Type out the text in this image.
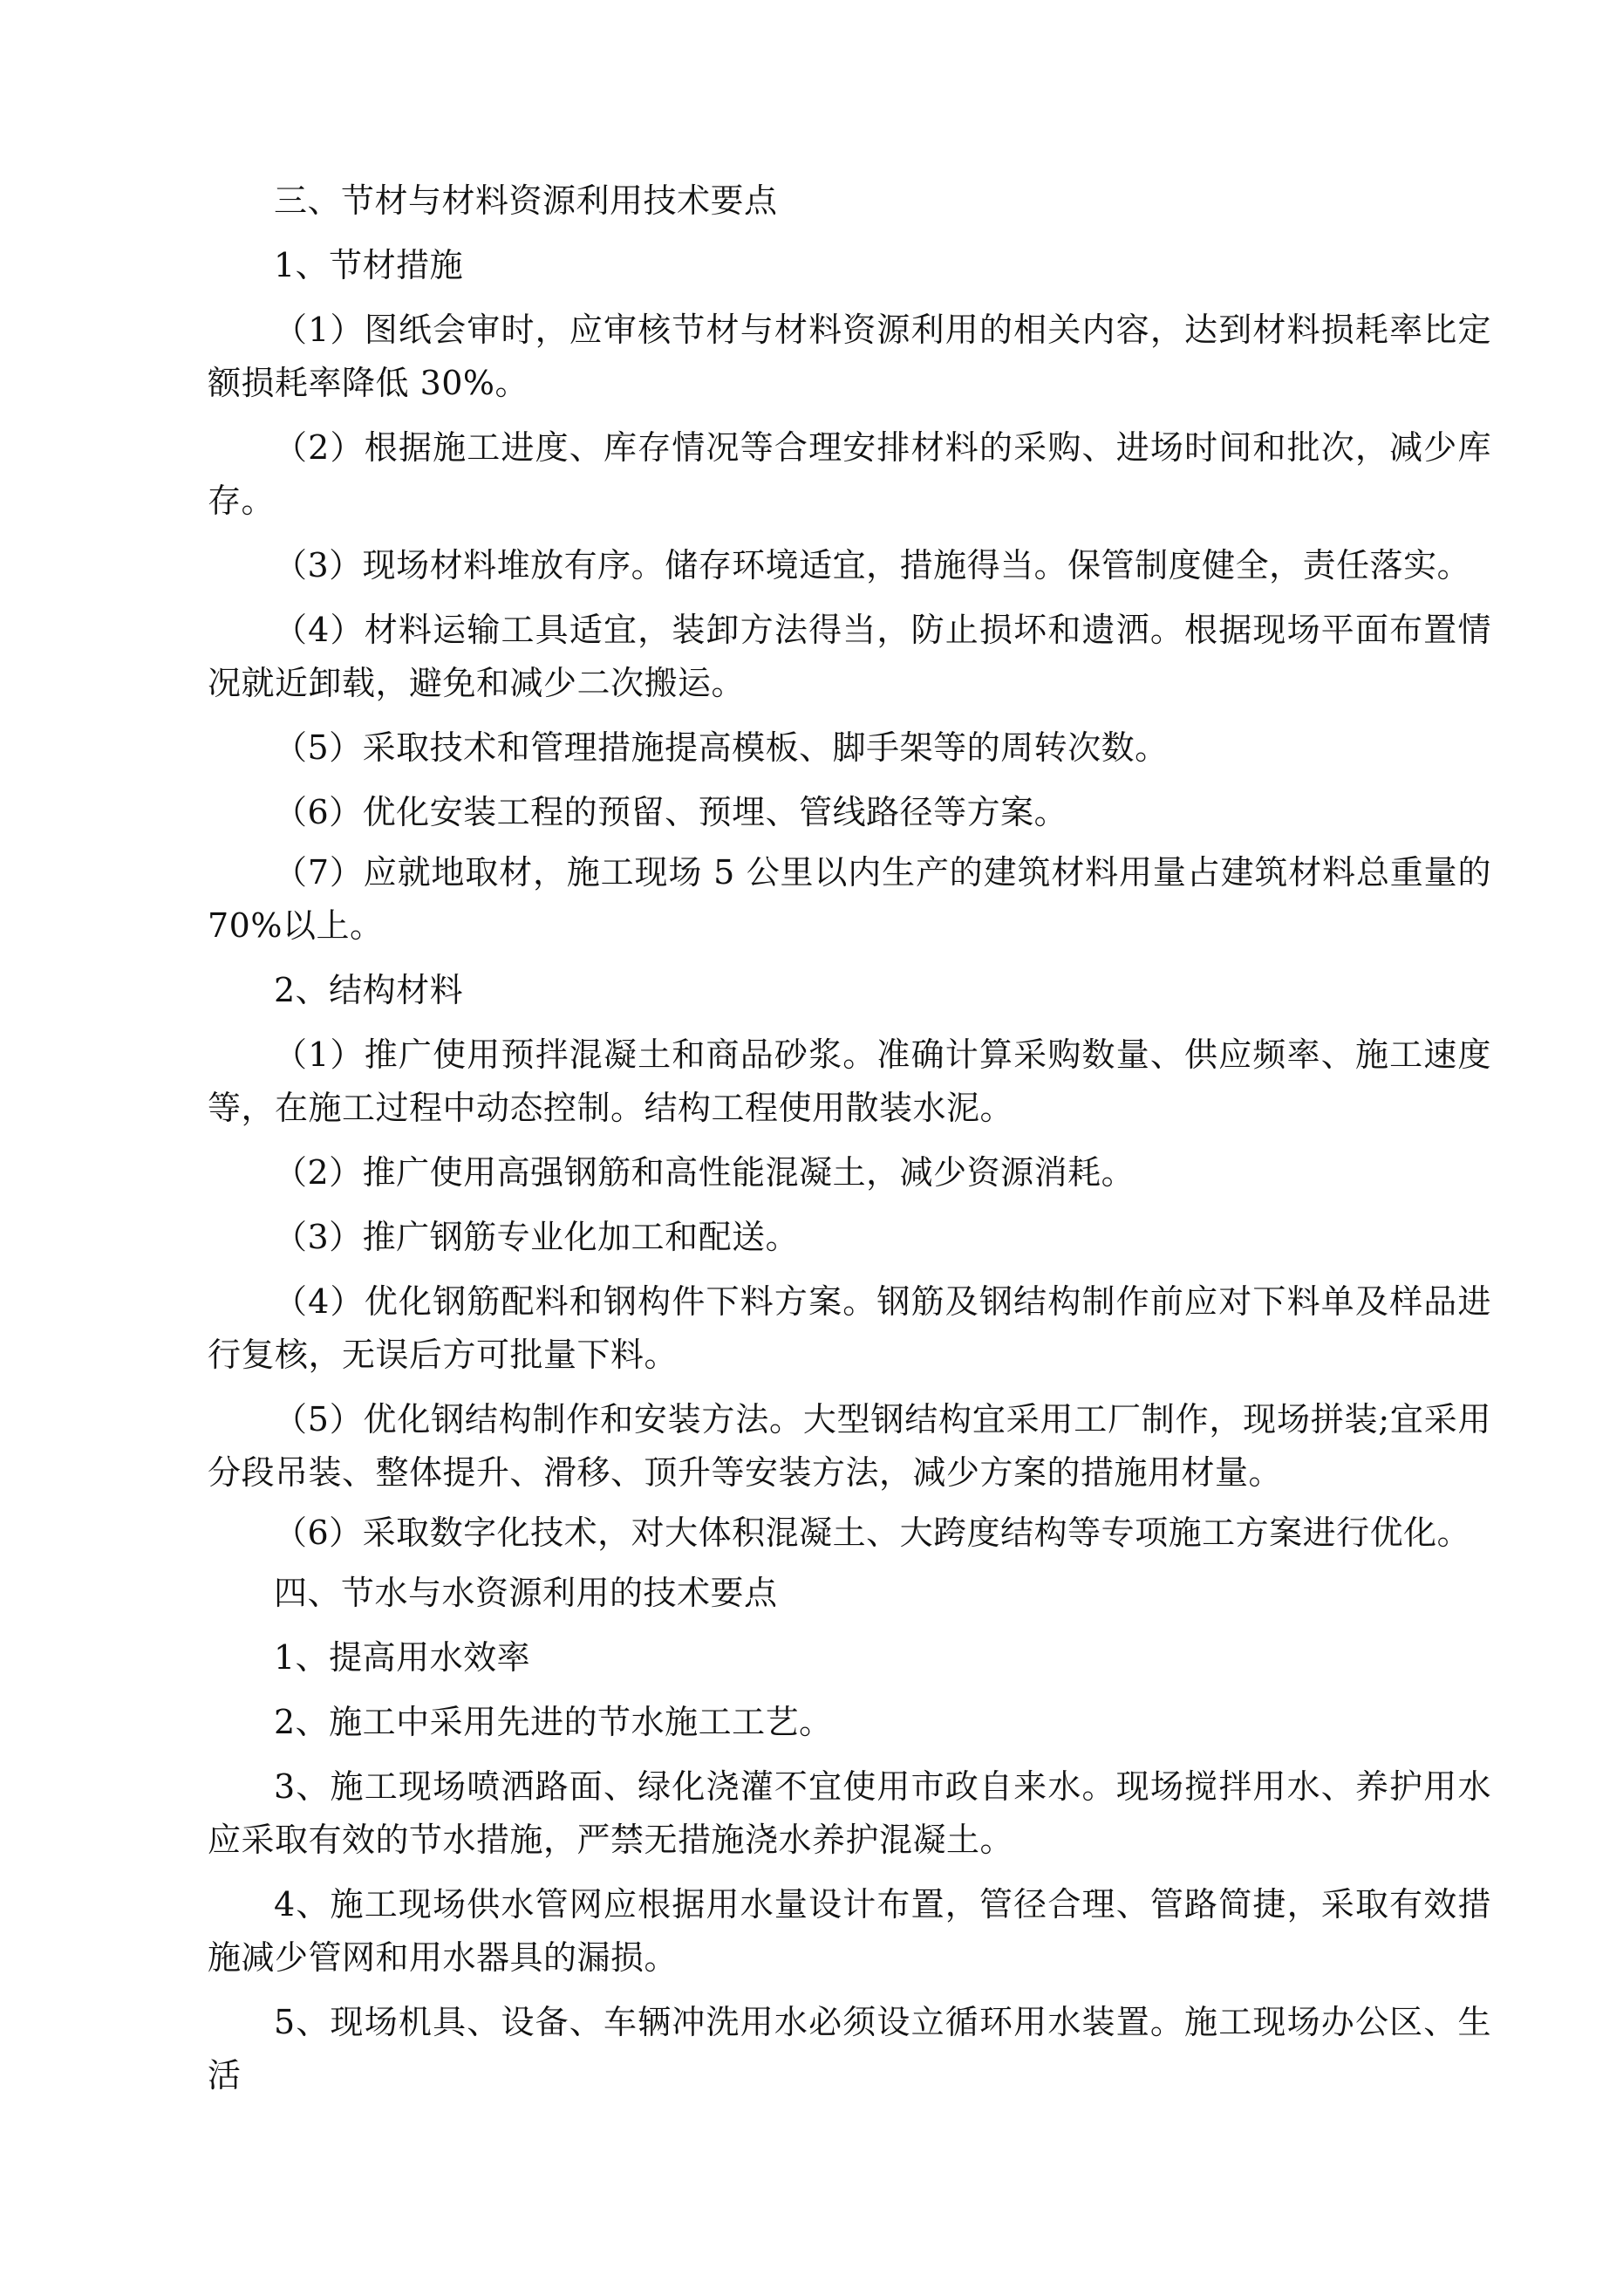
三、节材与材料资源利用技术要点

1、节材措施

（1）图纸会审时，应审核节材与材料资源利用的相关内容，达到材料损耗率比定额损耗率降低 30%。

（2）根据施工进度、库存情况等合理安排材料的采购、进场时间和批次，减少库存。

（3）现场材料堆放有序。储存环境适宜，措施得当。保管制度健全，责任落实。

（4）材料运输工具适宜，装卸方法得当，防止损坏和遗洒。根据现场平面布置情况就近卸载，避免和减少二次搬运。

（5）采取技术和管理措施提高模板、脚手架等的周转次数。

（6）优化安装工程的预留、预埋、管线路径等方案。

（7）应就地取材，施工现场 5 公里以内生产的建筑材料用量占建筑材料总重量的 70%以上。

2、结构材料

（1）推广使用预拌混凝土和商品砂浆。准确计算采购数量、供应频率、施工速度等，在施工过程中动态控制。结构工程使用散装水泥。

（2）推广使用高强钢筋和高性能混凝土，减少资源消耗。

（3）推广钢筋专业化加工和配送。

（4）优化钢筋配料和钢构件下料方案。钢筋及钢结构制作前应对下料单及样品进行复核，无误后方可批量下料。

（5）优化钢结构制作和安装方法。大型钢结构宜采用工厂制作，现场拼装;宜采用分段吊装、整体提升、滑移、顶升等安装方法，减少方案的措施用材量。

（6）采取数字化技术，对大体积混凝土、大跨度结构等专项施工方案进行优化。

四、节水与水资源利用的技术要点

1、提高用水效率

2、施工中采用先进的节水施工工艺。

3、施工现场喷洒路面、绿化浇灌不宜使用市政自来水。现场搅拌用水、养护用水应采取有效的节水措施，严禁无措施浇水养护混凝土。

4、施工现场供水管网应根据用水量设计布置，管径合理、管路简捷，采取有效措施减少管网和用水器具的漏损。

5、现场机具、设备、车辆冲洗用水必须设立循环用水装置。施工现场办公区、生活
